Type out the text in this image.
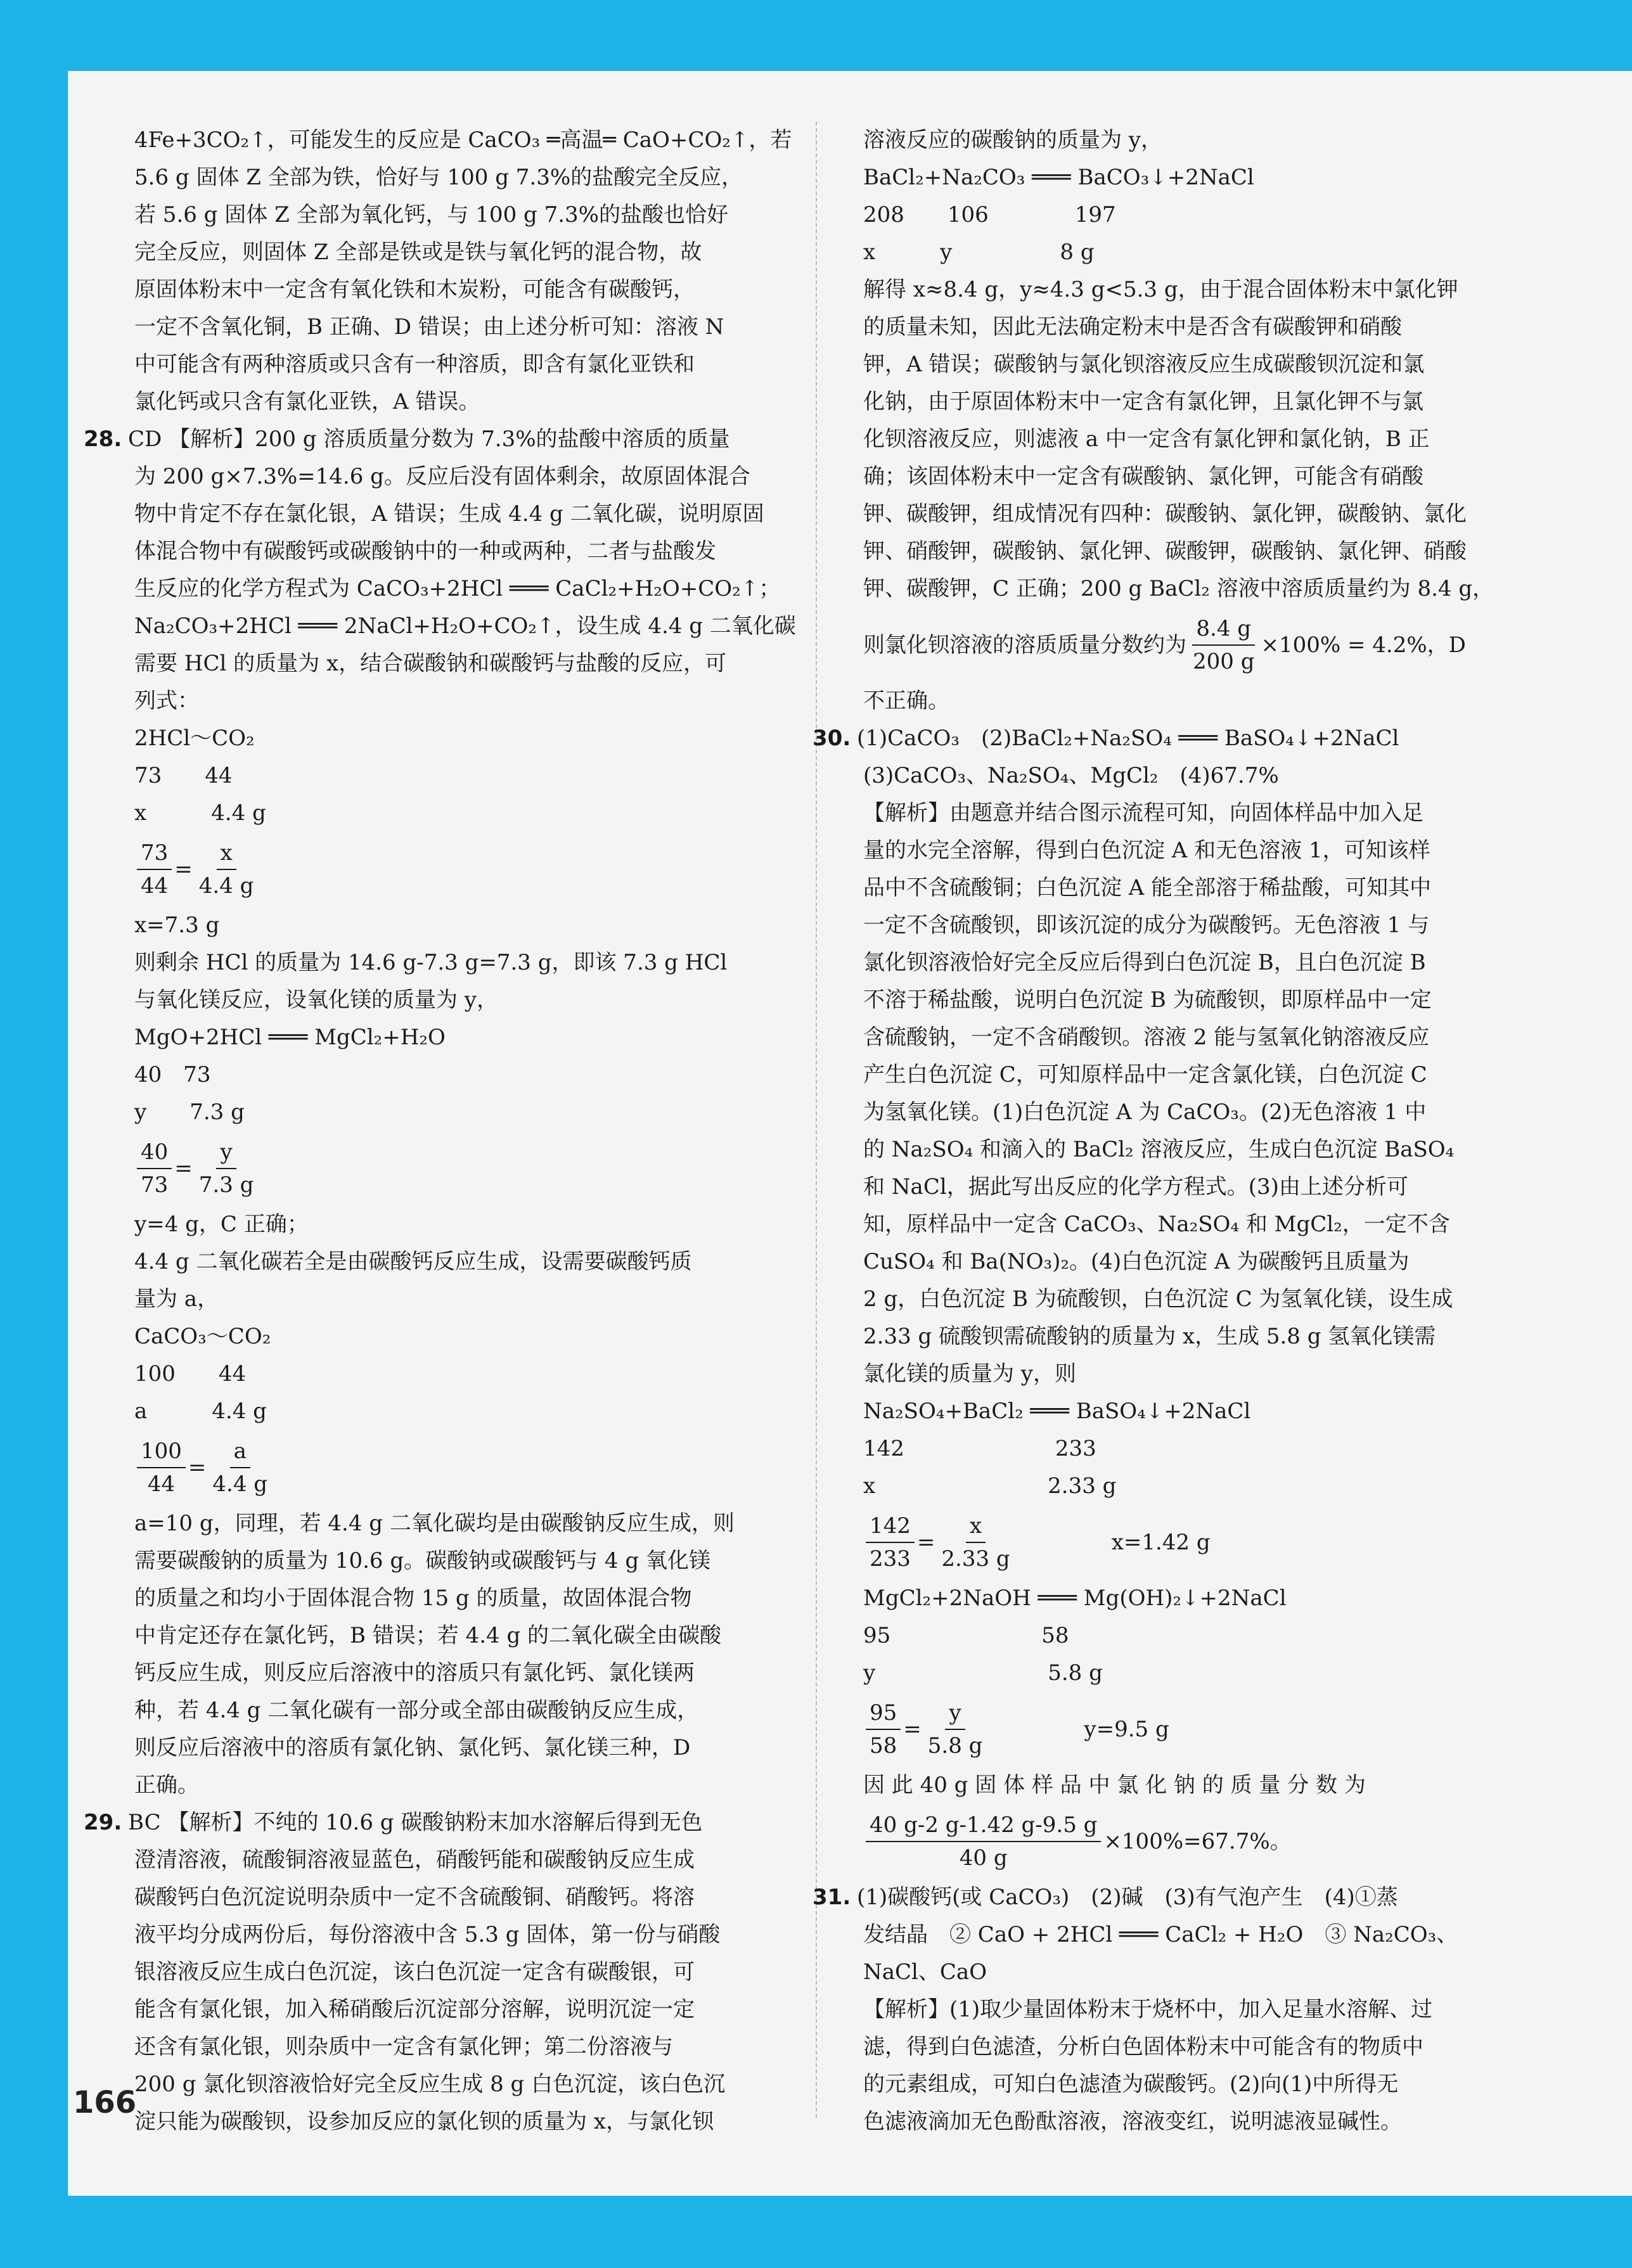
4Fe+3CO₂↑，可能发生的反应是 CaCO₃ ═高温═ CaO+CO₂↑，若
5.6 g 固体 Z 全部为铁，恰好与 100 g 7.3%的盐酸完全反应，
若 5.6 g 固体 Z 全部为氧化钙，与 100 g 7.3%的盐酸也恰好
完全反应，则固体 Z 全部是铁或是铁与氧化钙的混合物，故
原固体粉末中一定含有氧化铁和木炭粉，可能含有碳酸钙，
一定不含氧化铜，B 正确、D 错误；由上述分析可知：溶液 N
中可能含有两种溶质或只含有一种溶质，即含有氯化亚铁和
氯化钙或只含有氯化亚铁，A 错误。
28. CD 【解析】200 g 溶质质量分数为 7.3%的盐酸中溶质的质量
为 200 g×7.3%=14.6 g。反应后没有固体剩余，故原固体混合
物中肯定不存在氯化银，A 错误；生成 4.4 g 二氧化碳，说明原固
体混合物中有碳酸钙或碳酸钠中的一种或两种，二者与盐酸发
生反应的化学方程式为 CaCO₃+2HCl ═══ CaCl₂+H₂O+CO₂↑；
Na₂CO₃+2HCl ═══ 2NaCl+H₂O+CO₂↑，设生成 4.4 g 二氧化碳
需要 HCl 的质量为 x，结合碳酸钠和碳酸钙与盐酸的反应，可
列式：
2HCl～CO₂
73　　44
x　　　4.4 g
$\frac{73}{44} = \frac{x}{4.4 g}$
x=7.3 g
则剩余 HCl 的质量为 14.6 g-7.3 g=7.3 g，即该 7.3 g HCl
与氧化镁反应，设氧化镁的质量为 y，
MgO+2HCl ═══ MgCl₂+H₂O
40　73
y　　7.3 g
$\frac{40}{73} = \frac{y}{7.3 g}$
y=4 g，C 正确；
4.4 g 二氧化碳若全是由碳酸钙反应生成，设需要碳酸钙质
量为 a，
CaCO₃～CO₂
100　　44
a　　　4.4 g
$\frac{100}{44} = \frac{a}{4.4 g}$
a=10 g，同理，若 4.4 g 二氧化碳均是由碳酸钠反应生成，则
需要碳酸钠的质量为 10.6 g。碳酸钠或碳酸钙与 4 g 氧化镁
的质量之和均小于固体混合物 15 g 的质量，故固体混合物
中肯定还存在氯化钙，B 错误；若 4.4 g 的二氧化碳全由碳酸
钙反应生成，则反应后溶液中的溶质只有氯化钙、氯化镁两
种，若 4.4 g 二氧化碳有一部分或全部由碳酸钠反应生成，
则反应后溶液中的溶质有氯化钠、氯化钙、氯化镁三种，D
正确。
29. BC 【解析】不纯的 10.6 g 碳酸钠粉末加水溶解后得到无色
澄清溶液，硫酸铜溶液显蓝色，硝酸钙能和碳酸钠反应生成
碳酸钙白色沉淀说明杂质中一定不含硫酸铜、硝酸钙。将溶
液平均分成两份后，每份溶液中含 5.3 g 固体，第一份与硝酸
银溶液反应生成白色沉淀，该白色沉淀一定含有碳酸银，可
能含有氯化银，加入稀硝酸后沉淀部分溶解，说明沉淀一定
还含有氯化银，则杂质中一定含有氯化钾；第二份溶液与
200 g 氯化钡溶液恰好完全反应生成 8 g 白色沉淀，该白色沉
淀只能为碳酸钡，设参加反应的氯化钡的质量为 x，与氯化钡
溶液反应的碳酸钠的质量为 y，
BaCl₂+Na₂CO₃ ═══ BaCO₃↓+2NaCl
208　　106　　　　197
x　　　y　　　　　8 g
解得 x≈8.4 g，y≈4.3 g<5.3 g，由于混合固体粉末中氯化钾
的质量未知，因此无法确定粉末中是否含有碳酸钾和硝酸
钾，A 错误；碳酸钠与氯化钡溶液反应生成碳酸钡沉淀和氯
化钠，由于原固体粉末中一定含有氯化钾，且氯化钾不与氯
化钡溶液反应，则滤液 a 中一定含有氯化钾和氯化钠，B 正
确；该固体粉末中一定含有碳酸钠、氯化钾，可能含有硝酸
钾、碳酸钾，组成情况有四种：碳酸钠、氯化钾，碳酸钠、氯化
钾、硝酸钾，碳酸钠、氯化钾、碳酸钾，碳酸钠、氯化钾、硝酸
钾、碳酸钾，C 正确；200 g BaCl₂ 溶液中溶质质量约为 8.4 g，
则氯化钡溶液的溶质质量分数约为 $\frac{8.4 g}{200 g} \times 100\% = 4.2\%$，D
不正确。
30. (1)CaCO₃　(2)BaCl₂+Na₂SO₄ ═══ BaSO₄↓+2NaCl
(3)CaCO₃、Na₂SO₄、MgCl₂　(4)67.7%
【解析】由题意并结合图示流程可知，向固体样品中加入足
量的水完全溶解，得到白色沉淀 A 和无色溶液 1，可知该样
品中不含硫酸铜；白色沉淀 A 能全部溶于稀盐酸，可知其中
一定不含硫酸钡，即该沉淀的成分为碳酸钙。无色溶液 1 与
氯化钡溶液恰好完全反应后得到白色沉淀 B，且白色沉淀 B
不溶于稀盐酸，说明白色沉淀 B 为硫酸钡，即原样品中一定
含硫酸钠，一定不含硝酸钡。溶液 2 能与氢氧化钠溶液反应
产生白色沉淀 C，可知原样品中一定含氯化镁，白色沉淀 C
为氢氧化镁。(1)白色沉淀 A 为 CaCO₃。(2)无色溶液 1 中
的 Na₂SO₄ 和滴入的 BaCl₂ 溶液反应，生成白色沉淀 BaSO₄
和 NaCl，据此写出反应的化学方程式。(3)由上述分析可
知，原样品中一定含 CaCO₃、Na₂SO₄ 和 MgCl₂，一定不含
CuSO₄ 和 Ba(NO₃)₂。(4)白色沉淀 A 为碳酸钙且质量为
2 g，白色沉淀 B 为硫酸钡，白色沉淀 C 为氢氧化镁，设生成
2.33 g 硫酸钡需硫酸钠的质量为 x，生成 5.8 g 氢氧化镁需
氯化镁的质量为 y，则
Na₂SO₄+BaCl₂ ═══ BaSO₄↓+2NaCl
142　　　　　　　233
x　　　　　　　　2.33 g
$\frac{142}{233} = \frac{x}{2.33 g}$	x=1.42 g
MgCl₂+2NaOH ═══ Mg(OH)₂↓+2NaCl
95　　　　　　　58
y　　　　　　　　5.8 g
$\frac{95}{58} = \frac{y}{5.8 g}$	y=9.5 g
因 此 40 g 固 体 样 品 中 氯 化 钠 的 质 量 分 数 为
$\frac{40 g-2 g-1.42 g-9.5 g}{40 g} \times 100\%=67.7\%$。
31. (1)碳酸钙(或 CaCO₃)　(2)碱　(3)有气泡产生　(4)①蒸
发结晶　② CaO + 2HCl ═══ CaCl₂ + H₂O　③ Na₂CO₃、
NaCl、CaO
【解析】(1)取少量固体粉末于烧杯中，加入足量水溶解、过
滤，得到白色滤渣，分析白色固体粉末中可能含有的物质中
的元素组成，可知白色滤渣为碳酸钙。(2)向(1)中所得无
色滤液滴加无色酚酞溶液，溶液变红，说明滤液显碱性。
166
